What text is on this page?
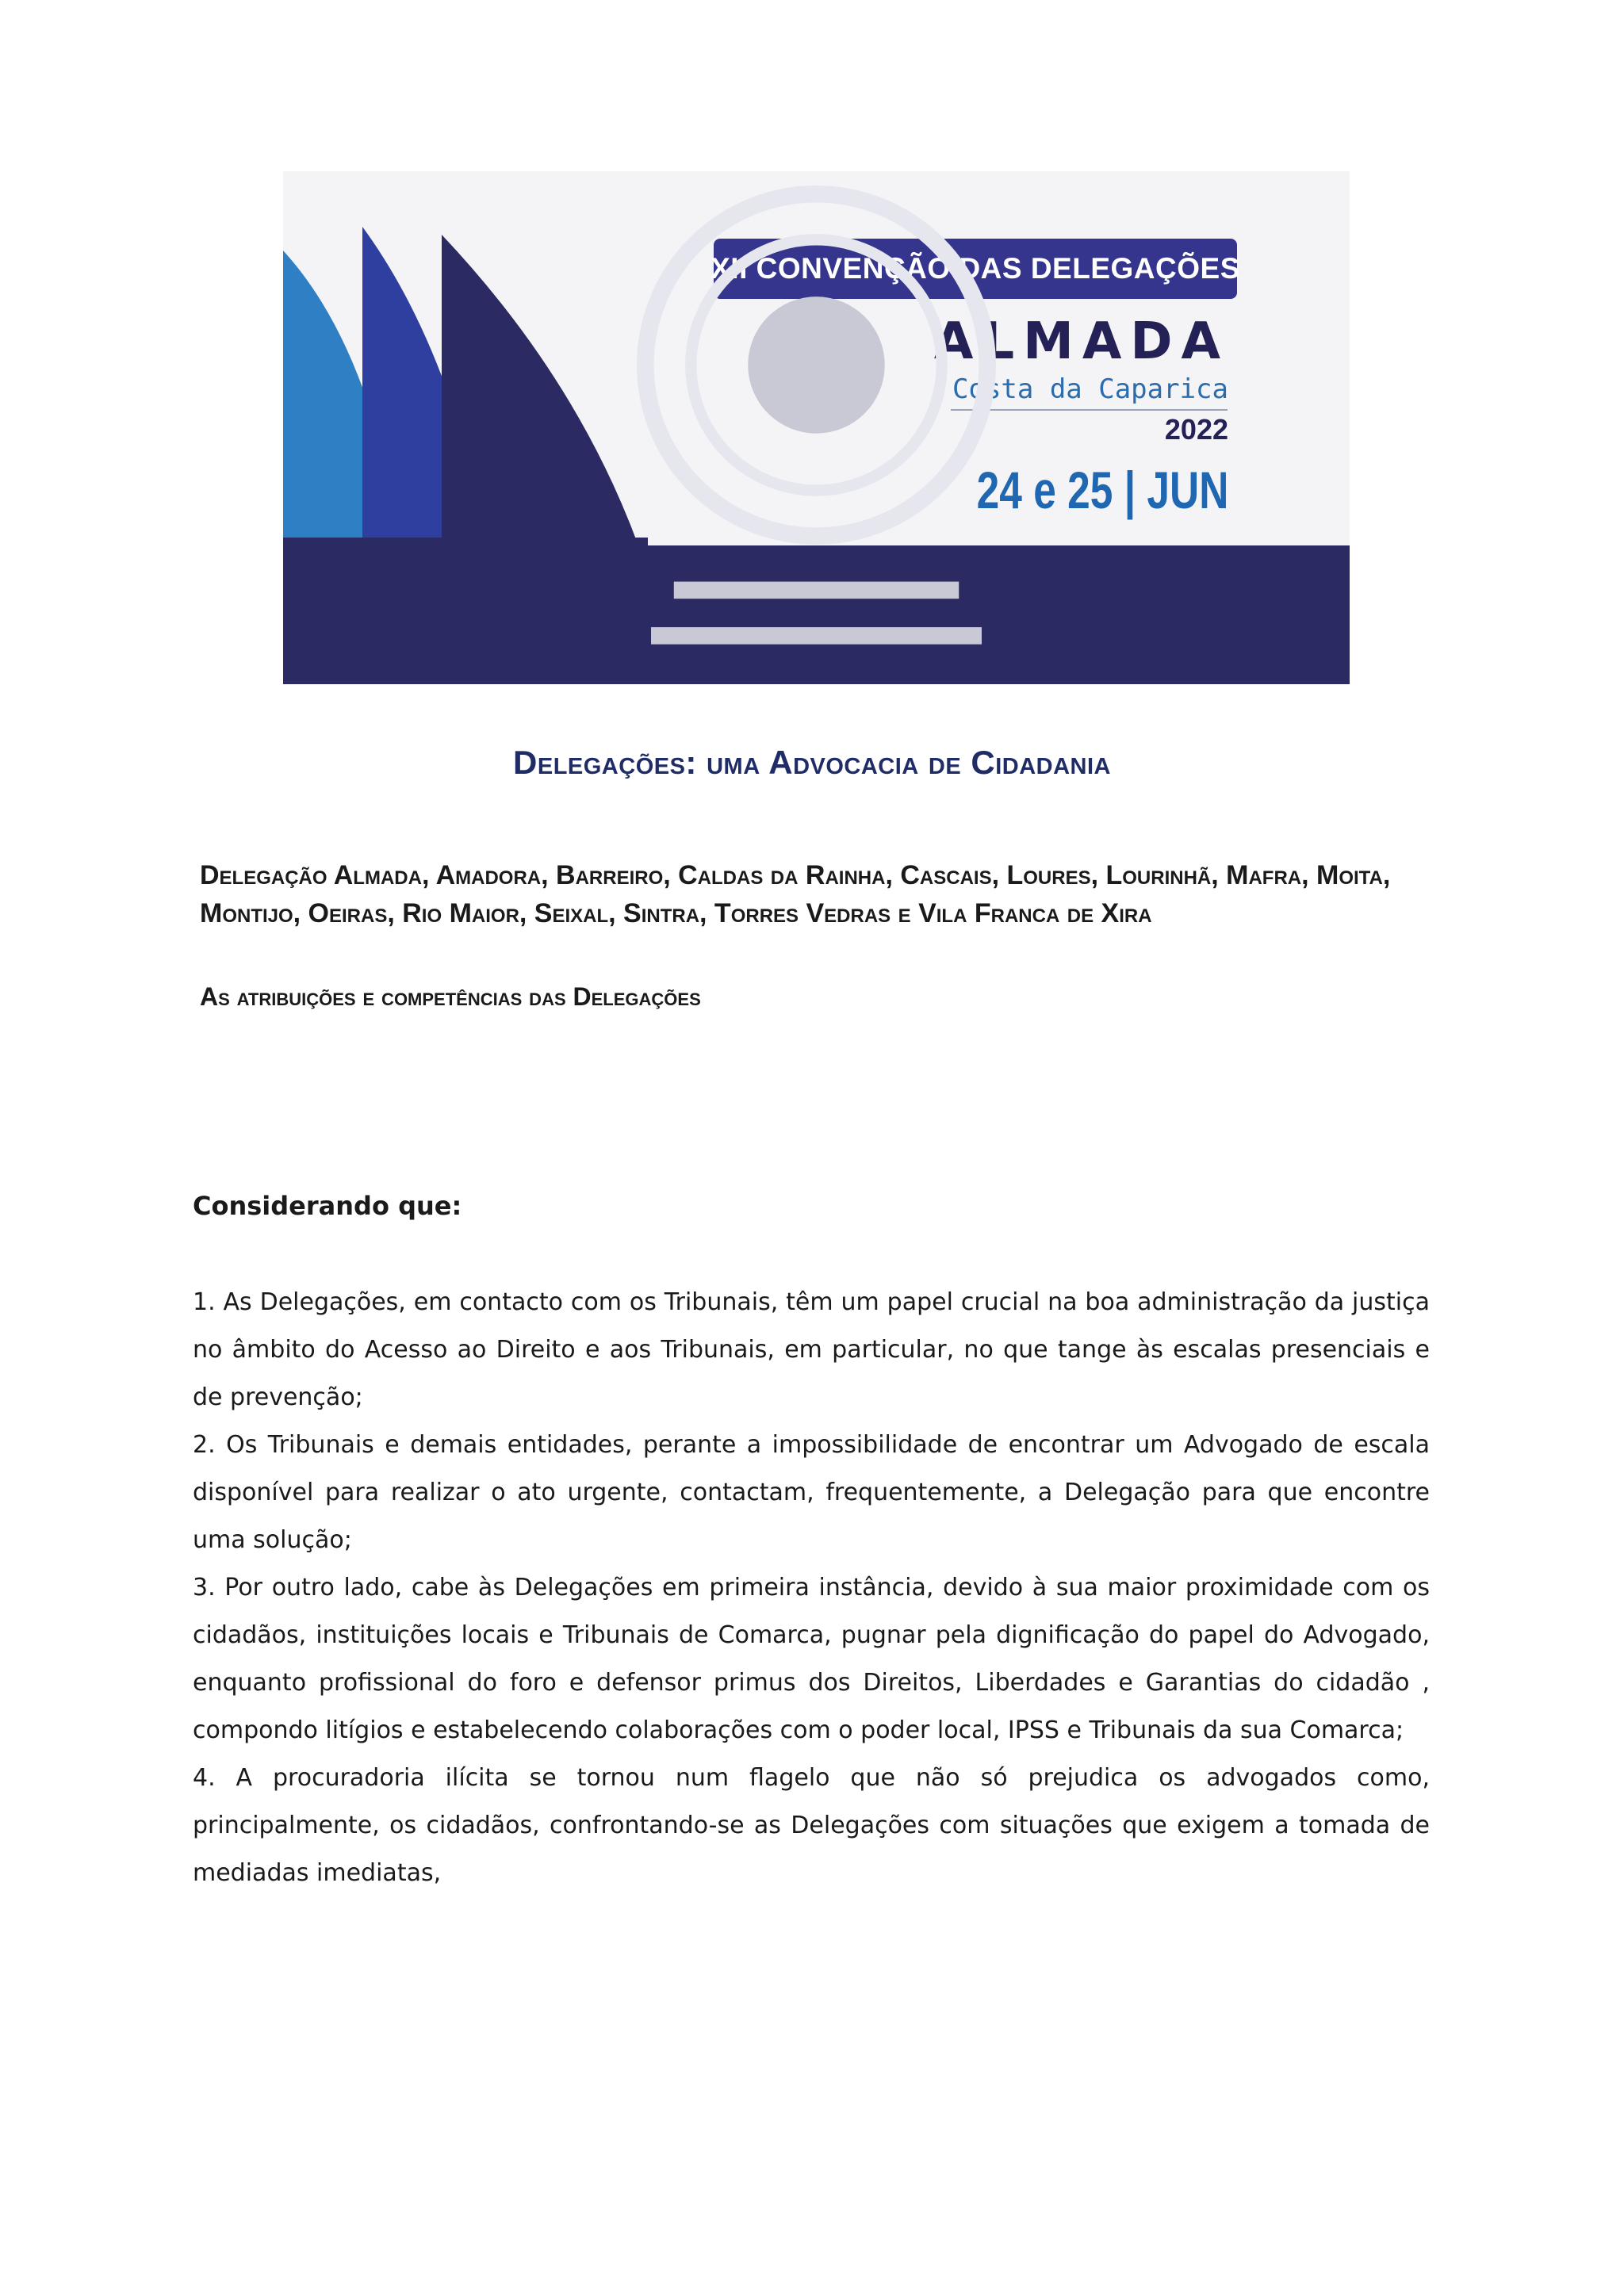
XII CONVENÇÃO DAS DELEGAÇÕES
ALMADA
Costa da Caparica
2022
24 e 25 | JUN
Delegações: uma Advocacia de Cidadania
Delegação Almada, Amadora, Barreiro, Caldas da Rainha, Cascais, Loures, Lourinhã, Mafra, Moita, Montijo, Oeiras, Rio Maior, Seixal, Sintra, Torres Vedras e Vila Franca de Xira
As atribuições e competências das Delegações
Considerando que:

1. As Delegações, em contacto com os Tribunais, têm um papel crucial na boa administração da justiça no âmbito do Acesso ao Direito e aos Tribunais, em particular, no que tange às escalas presenciais e de prevenção;

2. Os Tribunais e demais entidades, perante a impossibilidade de encontrar um Advogado de escala disponível para realizar o ato urgente, contactam, frequentemente, a Delegação para que encontre uma solução;

3. Por outro lado, cabe às Delegações em primeira instância, devido à sua maior proximidade com os cidadãos, instituições locais e Tribunais de Comarca, pugnar pela dignificação do papel do Advogado, enquanto profissional do foro e defensor primus dos Direitos, Liberdades e Garantias do cidadão , compondo litígios e estabelecendo colaborações com o poder local, IPSS e Tribunais da sua Comarca;

4. A procuradoria ilícita se tornou num flagelo que não só prejudica os advogados como, principalmente, os cidadãos, confrontando-se as Delegações com situações que exigem a tomada de mediadas imediatas,
